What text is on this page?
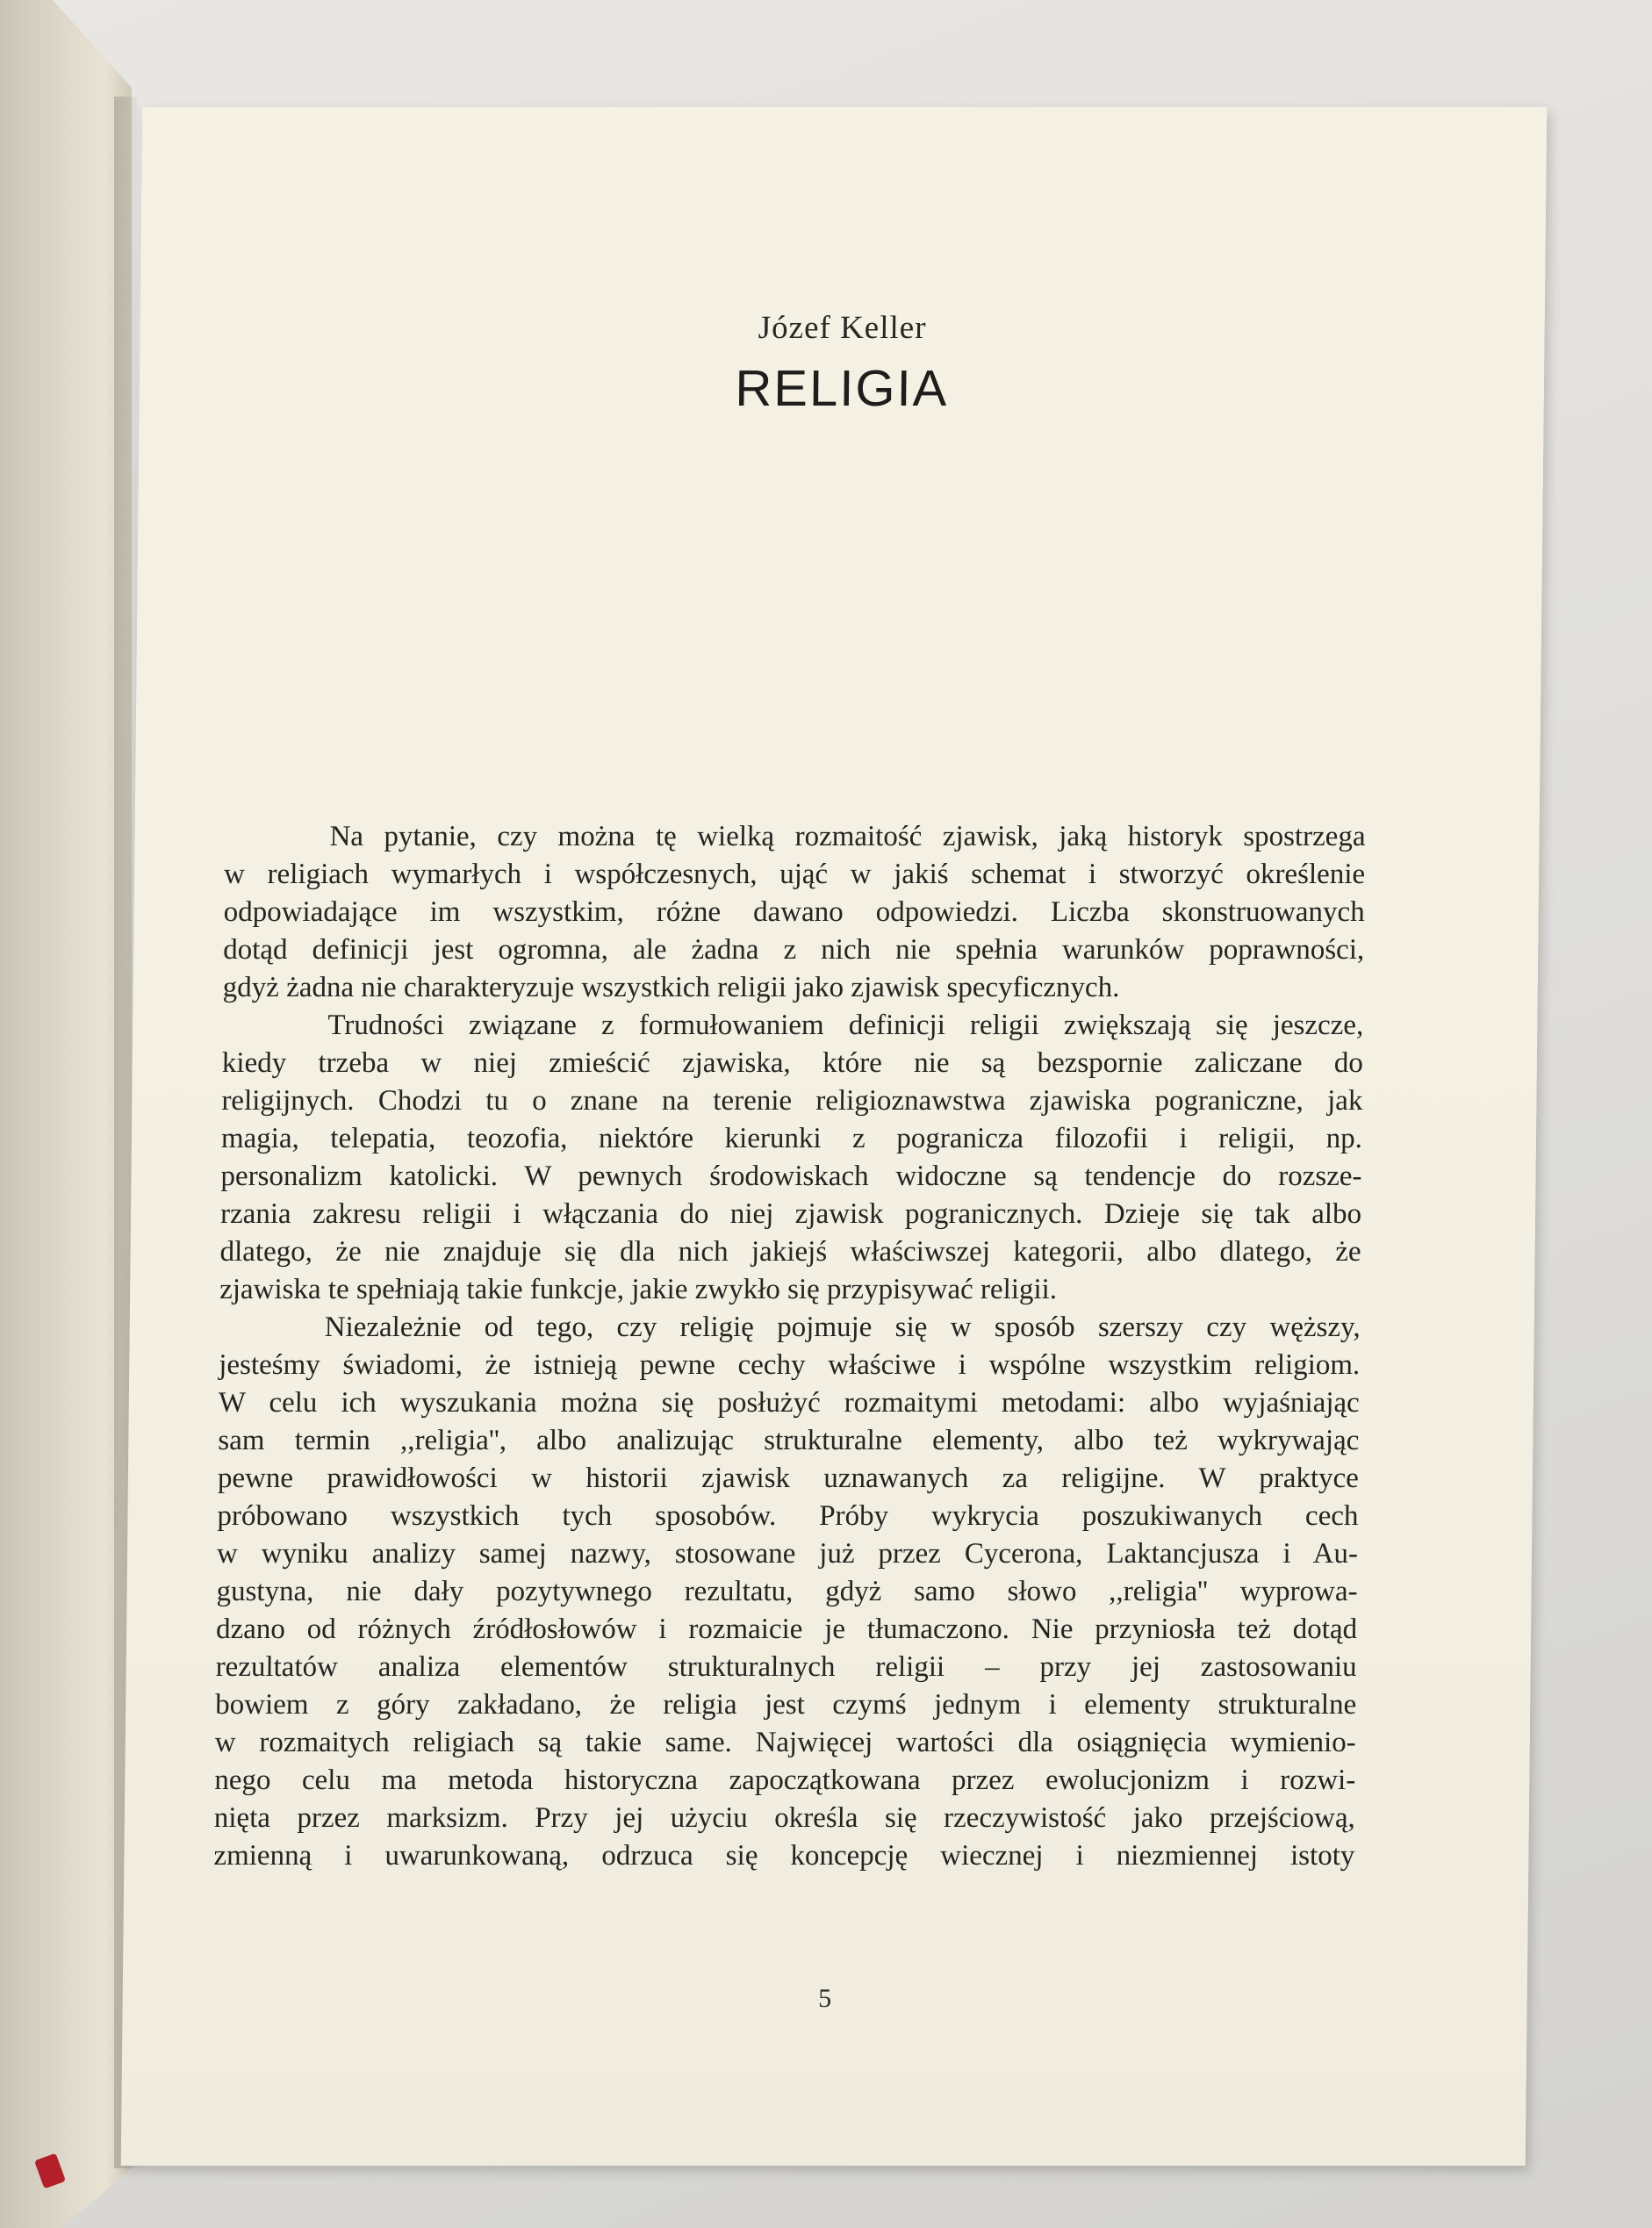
Józef Keller
RELIGIA
Na pytanie, czy można tę wielką rozmaitość zjawisk, jaką historyk spostrzega
w religiach wymarłych i współczesnych, ująć w jakiś schemat i stworzyć określenie
odpowiadające im wszystkim, różne dawano odpowiedzi. Liczba skonstruowanych
dotąd definicji jest ogromna, ale żadna z nich nie spełnia warunków poprawności,
gdyż żadna nie charakteryzuje wszystkich religii jako zjawisk specyficznych.
Trudności związane z formułowaniem definicji religii zwiększają się jeszcze,
kiedy trzeba w niej zmieścić zjawiska, które nie są bezspornie zaliczane do
religijnych. Chodzi tu o znane na terenie religioznawstwa zjawiska pograniczne, jak
magia, telepatia, teozofia, niektóre kierunki z pogranicza filozofii i religii, np.
personalizm katolicki. W pewnych środowiskach widoczne są tendencje do rozsze-
rzania zakresu religii i włączania do niej zjawisk pogranicznych. Dzieje się tak albo
dlatego, że nie znajduje się dla nich jakiejś właściwszej kategorii, albo dlatego, że
zjawiska te spełniają takie funkcje, jakie zwykło się przypisywać religii.
Niezależnie od tego, czy religię pojmuje się w sposób szerszy czy węższy,
jesteśmy świadomi, że istnieją pewne cechy właściwe i wspólne wszystkim religiom.
W celu ich wyszukania można się posłużyć rozmaitymi metodami: albo wyjaśniając
sam termin ,,religia'', albo analizując strukturalne elementy, albo też wykrywając
pewne prawidłowości w historii zjawisk uznawanych za religijne. W praktyce
próbowano wszystkich tych sposobów. Próby wykrycia poszukiwanych cech
w wyniku analizy samej nazwy, stosowane już przez Cycerona, Laktancjusza i Au-
gustyna, nie dały pozytywnego rezultatu, gdyż samo słowo ,,religia'' wyprowa-
dzano od różnych źródłosłowów i rozmaicie je tłumaczono. Nie przyniosła też dotąd
rezultatów analiza elementów strukturalnych religii – przy jej zastosowaniu
bowiem z góry zakładano, że religia jest czymś jednym i elementy strukturalne
w rozmaitych religiach są takie same. Najwięcej wartości dla osiągnięcia wymienio-
nego celu ma metoda historyczna zapoczątkowana przez ewolucjonizm i rozwi-
nięta przez marksizm. Przy jej użyciu określa się rzeczywistość jako przejściową,
zmienną i uwarunkowaną, odrzuca się koncepcję wiecznej i niezmiennej istoty
5
